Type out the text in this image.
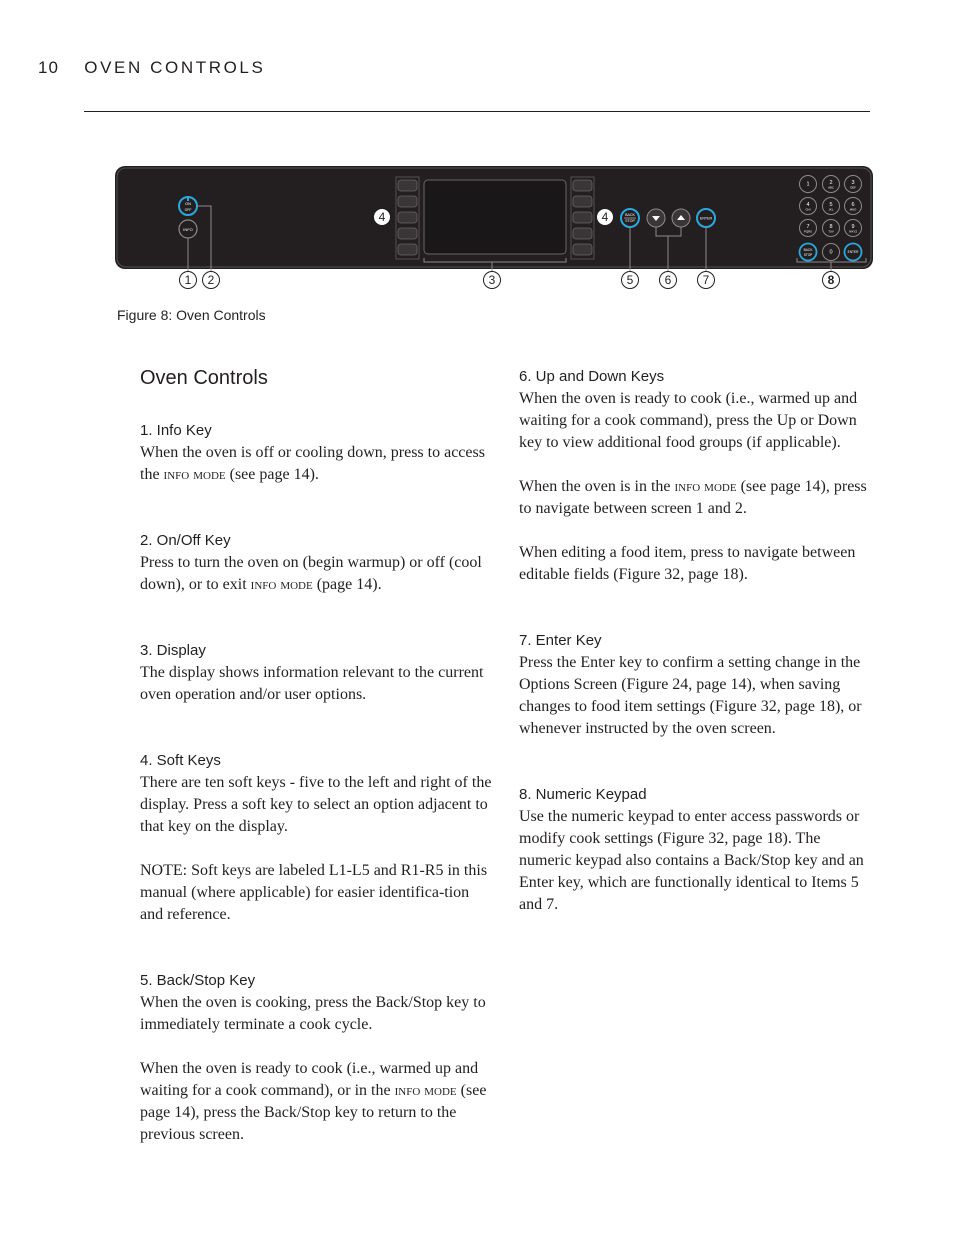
10 OVEN CONTROLS
ON
OFF
INFO
BACK
STOP
ENTER
1	2
ABC
3
DEF
4
GHI
5
JKL
6
MNO
7
PQRS
8
TUV
9
WXYZ
BACK
STOP	0	ENTER
1	2	3
4	4
5	6	7	8
Figure 8: Oven Controls
Oven Controls
1. Info Key

When the oven is off or cooling down, press to access the info mode (see page 14).

2. On/Off Key

Press to turn the oven on (begin warmup) or off (cool down), or to exit info mode (page 14).

3. Display

The display shows information relevant to the current oven operation and/or user options.

4. Soft Keys

There are ten soft keys - five to the left and right of the display. Press a soft key to select an option adjacent to that key on the display.

NOTE: Soft keys are labeled L1-L5 and R1-R5 in this manual (where applicable) for easier identifica-tion and reference.

5. Back/Stop Key

When the oven is cooking, press the Back/Stop key to immediately terminate a cook cycle.

When the oven is ready to cook (i.e., warmed up and waiting for a cook command), or in the info mode (see page 14), press the Back/Stop key to return to the previous screen.

6. Up and Down Keys

When the oven is ready to cook (i.e., warmed up and waiting for a cook command), press the Up or Down key to view additional food groups (if applicable).

When the oven is in the info mode (see page 14), press to navigate between screen 1 and 2.

When editing a food item, press to navigate between editable fields (Figure 32, page 18).

7. Enter Key

Press the Enter key to confirm a setting change in the Options Screen (Figure 24, page 14), when saving changes to food item settings (Figure 32, page 18), or whenever instructed by the oven screen.

8. Numeric Keypad

Use the numeric keypad to enter access passwords or modify cook settings (Figure 32, page 18). The numeric keypad also contains a Back/Stop key and an Enter key, which are functionally identical to Items 5 and 7.
